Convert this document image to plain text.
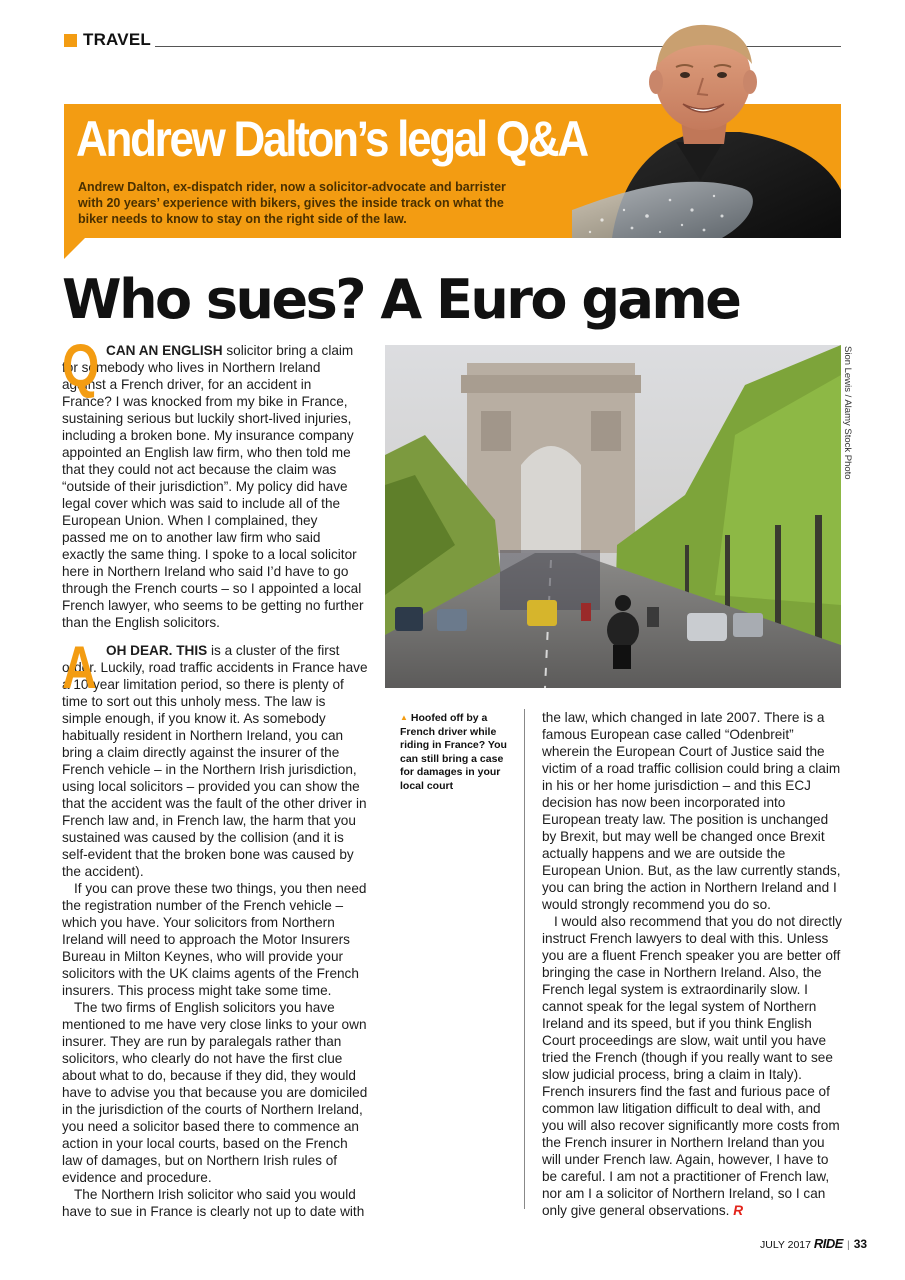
TRAVEL
Andrew Dalton’s legal Q&A
Andrew Dalton, ex-dispatch rider, now a solicitor-advocate and barrister with 20 years’ experience with bikers, gives the inside track on what the biker needs to know to stay on the right side of the law.
Who sues? A Euro game
Q CAN AN ENGLISH solicitor bring a claim for somebody who lives in Northern Ireland against a French driver, for an accident in France? I was knocked from my bike in France, sustaining serious but luckily short-lived injuries, including a broken bone. My insurance company appointed an English law firm, who then told me that they could not act because the claim was “outside of their jurisdiction”. My policy did have legal cover which was said to include all of the European Union. When I complained, they passed me on to another law firm who said exactly the same thing. I spoke to a local solicitor here in Northern Ireland who said I’d have to go through the French courts – so I appointed a local French lawyer, who seems to be getting no further than the English solicitors.

A OH DEAR. THIS is a cluster of the first order. Luckily, road traffic accidents in France have a 10-year limitation period, so there is plenty of time to sort out this unholy mess. The law is simple enough, if you know it. As somebody habitually resident in Northern Ireland, you can bring a claim directly against the insurer of the French vehicle – in the Northern Irish jurisdiction, using local solicitors – provided you can show the that the accident was the fault of the other driver in French law and, in French law, the harm that you sustained was caused by the collision (and it is self-evident that the broken bone was caused by the accident).

If you can prove these two things, you then need the registration number of the French vehicle – which you have. Your solicitors from Northern Ireland will need to approach the Motor Insurers Bureau in Milton Keynes, who will provide your solicitors with the UK claims agents of the French insurers. This process might take some time.

The two firms of English solicitors you have mentioned to me have very close links to your own insurer. They are run by paralegals rather than solicitors, who clearly do not have the first clue about what to do, because if they did, they would have to advise you that because you are domiciled in the jurisdiction of the courts of Northern Ireland, you need a solicitor based there to commence an action in your local courts, based on the French law of damages, but on Northern Irish rules of evidence and procedure.

The Northern Irish solicitor who said you would have to sue in France is clearly not up to date with

Sion Lewis / Alamy Stock Photo
▲ Hoofed off by a French driver while riding in France? You can still bring a case for damages in your local court

the law, which changed in late 2007. There is a famous European case called “Odenbreit” wherein the European Court of Justice said the victim of a road traffic collision could bring a claim in his or her home jurisdiction – and this ECJ decision has now been incorporated into European treaty law. The position is unchanged by Brexit, but may well be changed once Brexit actually happens and we are outside the European Union. But, as the law currently stands, you can bring the action in Northern Ireland and I would strongly recommend you do so.

I would also recommend that you do not directly instruct French lawyers to deal with this. Unless you are a fluent French speaker you are better off bringing the case in Northern Ireland. Also, the French legal system is extraordinarily slow. I cannot speak for the legal system of Northern Ireland and its speed, but if you think English Court proceedings are slow, wait until you have tried the French (though if you really want to see slow judicial process, bring a claim in Italy). French insurers find the fast and furious pace of common law litigation difficult to deal with, and you will also recover significantly more costs from the French insurer in Northern Ireland than you will under French law. Again, however, I have to be careful. I am not a practitioner of French law, nor am I a solicitor of Northern Ireland, so I can only give general observations. R

JULY 2017 RIDE | 33
